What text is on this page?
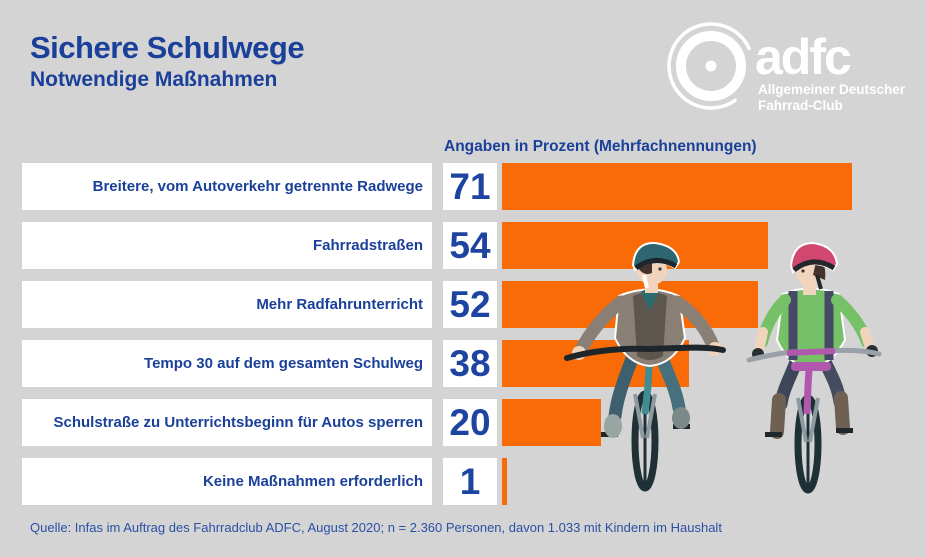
Sichere Schulwege
Notwendige Maßnahmen	adfc
Allgemeiner Deutscher
Fahrrad-Club
Angaben in Prozent (Mehrfachnennungen)
Breitere, vom Autoverkehr getrennte Radwege 71
Fahrradstraßen 54
Mehr Radfahrunterricht 52
Tempo 30 auf dem gesamten Schulweg 38
Schulstraße zu Unterrichtsbeginn für Autos sperren 20
Keine Maßnahmen erforderlich 1
Quelle: Infas im Auftrag des Fahrradclub ADFC, August 2020; n = 2.360 Personen, davon 1.033 mit Kindern im Haushalt
